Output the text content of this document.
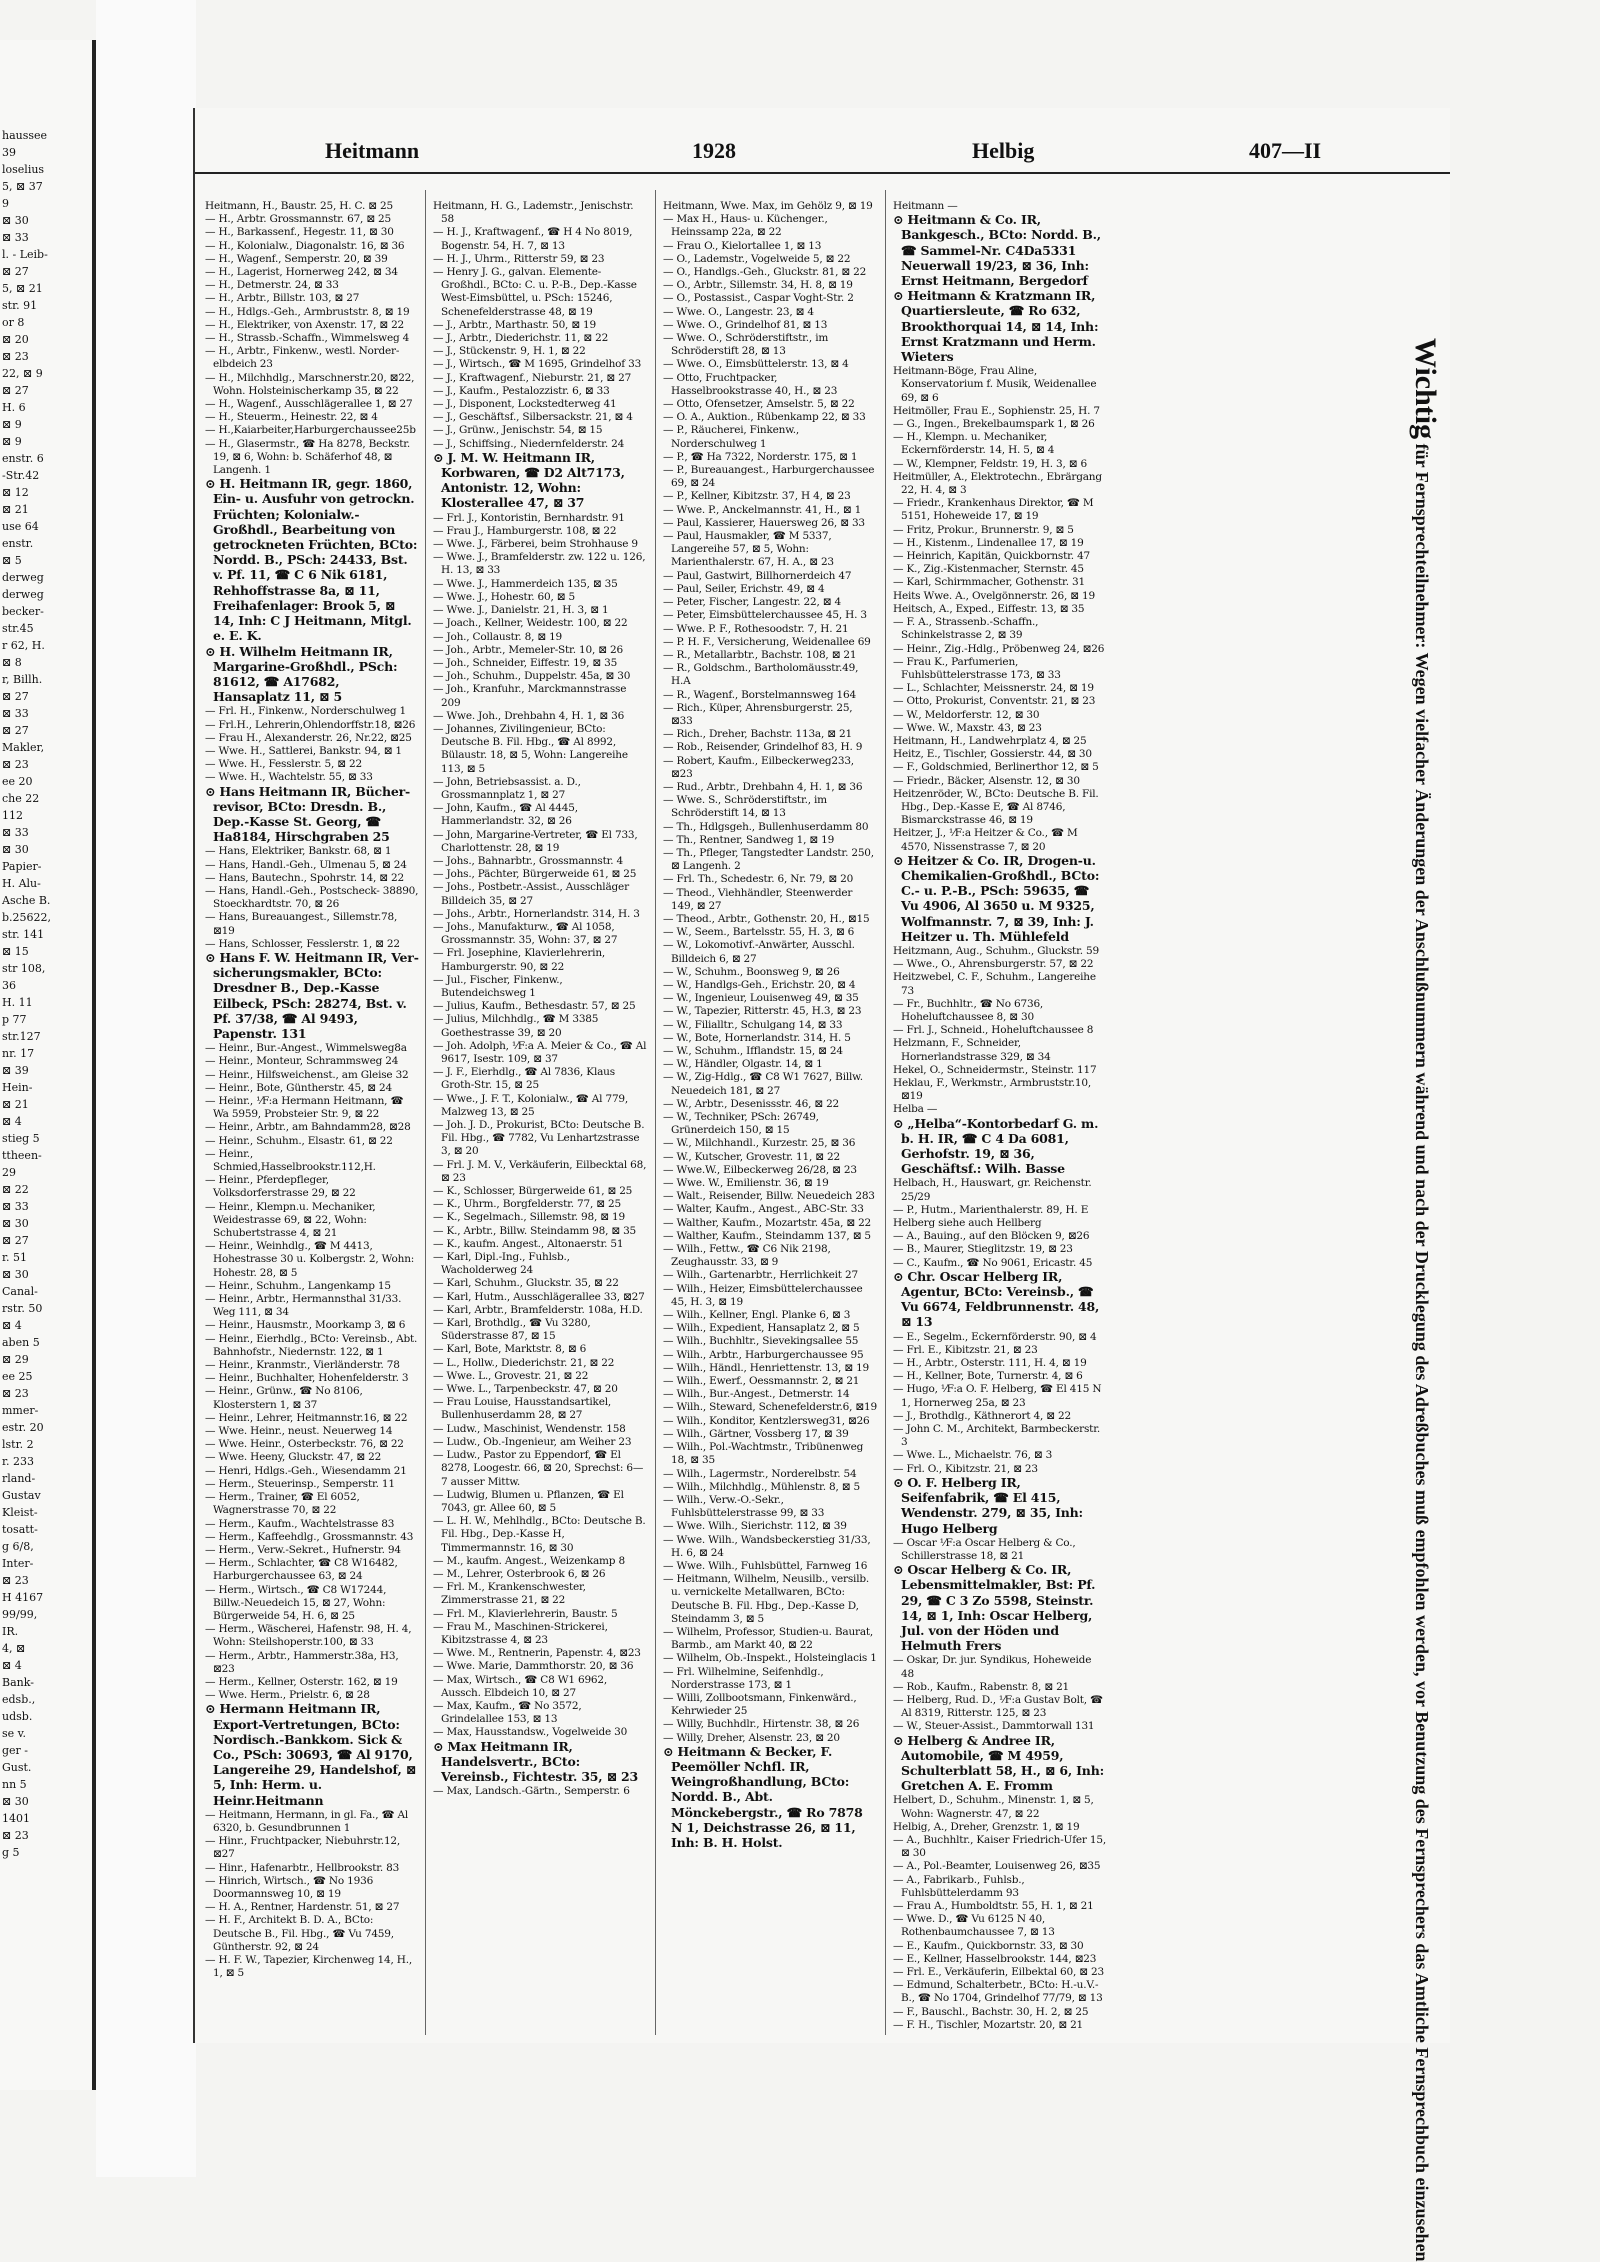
haussee
39
loselius
5, ⊠ 37
9
⊠ 30
⊠ 33
l. - Leib-
⊠ 27
5, ⊠ 21
str. 91
or 8
⊠ 20
⊠ 23
22, ⊠ 9
⊠ 27
H. 6
⊠ 9
⊠ 9
enstr. 6
-Str.42
⊠ 12
⊠ 21
use 64
enstr.
⊠ 5
derweg
derweg
becker-
str.45
r 62, H.
⊠ 8
r, Billh.
⊠ 27
⊠ 33
⊠ 27
Makler,
⊠ 23
ee 20
che 22
112
⊠ 33
⊠ 30
Papier-
H. Alu-
Asche B.
b.25622,
str. 141
⊠ 15
str 108,
36
H. 11
p 77
str.127
nr. 17
⊠ 39
Hein-
⊠ 21
⊠ 4
stieg 5
ttheen-
29
⊠ 22
⊠ 33
⊠ 30
⊠ 27
r. 51
⊠ 30
Canal-
rstr. 50
⊠ 4
aben 5
⊠ 29
ee 25
⊠ 23
mmer-
estr. 20
lstr. 2
r. 233
rland-
Gustav
Kleist-
tosatt-
g 6/8,
Inter-
⊠ 23
H 4167
99/99,
IR.
4, ⊠
⊠ 4
Bank-
edsb.,
udsb.
se v.
ger -
Gust.
nn 5
⊠ 30
1401
⊠ 23
g 5
Heitmann	1928	Helbig	407—II

Heitmann, H., Baustr. 25, H. C. ⊠ 25

— H., Arbtr. Grossmannstr. 67, ⊠ 25

— H., Barkassenf., Hegestr. 11, ⊠ 30

— H., Kolonialw., Diagonalstr. 16, ⊠ 36

— H., Wagenf., Semperstr. 20, ⊠ 39

— H., Lagerist, Hornerweg 242, ⊠ 34

— H., Detmerstr. 24, ⊠ 33

— H., Arbtr., Billstr. 103, ⊠ 27

— H., Hdlgs.-Geh., Armbruststr. 8, ⊠ 19

— H., Elektriker, von Axenstr. 17, ⊠ 22

— H., Strassb.-Schaffn., Wimmelsweg 4

— H., Arbtr., Finkenw., westl. Norder-elbdeich 23

— H., Milchhdlg., Marschnerstr.20, ⊠22, Wohn. Holsteinischerkamp 35, ⊠ 22

— H., Wagenf., Ausschlägerallee 1, ⊠ 27

— H., Steuerm., Heinestr. 22, ⊠ 4

— H.,Kaiarbeiter,Harburgerchaussee25b

— H., Glasermstr., ☎ Ha 8278, Beckstr. 19, ⊠ 6, Wohn: b. Schäferhof 48, ⊠ Langenh. 1

⊙ H. Heitmann IR, gegr. 1860, Ein- u. Ausfuhr von getrockn. Früchten; Kolonialw.-Großhdl., Bearbeitung von getrockneten Früchten, BCto: Nordd. B., PSch: 24433, Bst. v. Pf. 11, ☎ C 6 Nik 6181, Rehhoffstrasse 8a, ⊠ 11, Freihafenlager: Brook 5, ⊠ 14, Inh: C J Heitmann, Mitgl. e. E. K.

⊙ H. Wilhelm Heitmann IR, Margarine-Großhdl., PSch: 81612, ☎ A17682, Hansaplatz 11, ⊠ 5

— Frl. H., Finkenw., Norderschulweg 1

— Frl.H., Lehrerin,Ohlendorffstr.18, ⊠26

— Frau H., Alexanderstr. 26, Nr.22, ⊠25

— Wwe. H., Sattlerei, Bankstr. 94, ⊠ 1

— Wwe. H., Fesslerstr. 5, ⊠ 22

— Wwe. H., Wachtelstr. 55, ⊠ 33

⊙ Hans Heitmann IR, Bücher-revisor, BCto: Dresdn. B., Dep.-Kasse St. Georg, ☎ Ha8184, Hirschgraben 25

— Hans, Elektriker, Bankstr. 68, ⊠ 1

— Hans, Handl.-Geh., Ulmenau 5, ⊠ 24

— Hans, Bautechn., Spohrstr. 14, ⊠ 22

— Hans, Handl.-Geh., Postscheck- 38890, Stoeckhardtstr. 70, ⊠ 26

— Hans, Bureauangest., Sillemstr.78, ⊠19

— Hans, Schlosser, Fesslerstr. 1, ⊠ 22

⊙ Hans F. W. Heitmann IR, Ver-sicherungsmakler, BCto: Dresdner B., Dep.-Kasse Eilbeck, PSch: 28274, Bst. v. Pf. 37/38, ☎ Al 9493, Papenstr. 131

— Heinr., Bur.-Angest., Wimmelsweg8a

— Heinr., Monteur, Schrammsweg 24

— Heinr., Hilfsweichenst., am Gleise 32

— Heinr., Bote, Güntherstr. 45, ⊠ 24

— Heinr., ⅟F:a Hermann Heitmann, ☎ Wa 5959, Probsteier Str. 9, ⊠ 22

— Heinr., Arbtr., am Bahndamm28, ⊠28

— Heinr., Schuhm., Elsastr. 61, ⊠ 22

— Heinr., Schmied,Hasselbrookstr.112,H.

— Heinr., Pferdepfleger, Volksdorferstrasse 29, ⊠ 22

— Heinr., Klempn.u. Mechaniker, Weidestrasse 69, ⊠ 22, Wohn: Schubertstrasse 4, ⊠ 21

— Heinr., Weinhdlg., ☎ M 4413, Hohestrasse 30 u. Kolbergstr. 2, Wohn: Hohestr. 28, ⊠ 5

— Heinr., Schuhm., Langenkamp 15

— Heinr., Arbtr., Hermannsthal 31/33. Weg 111, ⊠ 34

— Heinr., Hausmstr., Moorkamp 3, ⊠ 6

— Heinr., Eierhdlg., BCto: Vereinsb., Abt. Bahnhofstr., Niedernstr. 122, ⊠ 1

— Heinr., Kranmstr., Vierländerstr. 78

— Heinr., Buchhalter, Hohenfelderstr. 3

— Heinr., Grünw., ☎ No 8106, Klosterstern 1, ⊠ 37

— Heinr., Lehrer, Heitmannstr.16, ⊠ 22

— Wwe. Heinr., neust. Neuerweg 14

— Wwe. Heinr., Osterbeckstr. 76, ⊠ 22

— Wwe. Heeny, Gluckstr. 47, ⊠ 22

— Henri, Hdlgs.-Geh., Wiesendamm 21

— Herm., Steuerinsp., Semperstr. 11

— Herm., Trainer, ☎ El 6052, Wagnerstrasse 70, ⊠ 22

— Herm., Kaufm., Wachtelstrasse 83

— Herm., Kaffeehdlg., Grossmannstr. 43

— Herm., Verw.-Sekret., Hufnerstr. 94

— Herm., Schlachter, ☎ C8 W16482, Harburgerchaussee 63, ⊠ 24

— Herm., Wirtsch., ☎ C8 W17244, Billw.-Neuedeich 15, ⊠ 27, Wohn: Bürgerweide 54, H. 6, ⊠ 25

— Herm., Wäscherei, Hafenstr. 98, H. 4, Wohn: Steilshoperstr.100, ⊠ 33

— Herm., Arbtr., Hammerstr.38a, H3, ⊠23

— Herm., Kellner, Osterstr. 162, ⊠ 19

— Wwe. Herm., Prielstr. 6, ⊠ 28

⊙ Hermann Heitmann IR, Export-Vertretungen, BCto: Nordisch.-Bankkom. Sick & Co., PSch: 30693, ☎ Al 9170, Langereihe 29, Handelshof, ⊠ 5, Inh: Herm. u. Heinr.Heitmann

— Heitmann, Hermann, in gl. Fa., ☎ Al 6320, b. Gesundbrunnen 1

— Hinr., Fruchtpacker, Niebuhrstr.12, ⊠27

— Hinr., Hafenarbtr., Hellbrookstr. 83

— Hinrich, Wirtsch., ☎ No 1936 Doormannsweg 10, ⊠ 19

— H. A., Rentner, Hardenstr. 51, ⊠ 27

— H. F., Architekt B. D. A., BCto: Deutsche B., Fil. Hbg., ☎ Vu 7459, Güntherstr. 92, ⊠ 24

— H. F. W., Tapezier, Kirchenweg 14, H., 1, ⊠ 5

Heitmann, H. G., Lademstr., Jenischstr. 58

— H. J., Kraftwagenf., ☎ H 4 No 8019, Bogenstr. 54, H. 7, ⊠ 13

— H. J., Uhrm., Ritterstr 59, ⊠ 23

— Henry J. G., galvan. Elemente-Großhdl., BCto: C. u. P.-B., Dep.-Kasse West-Eimsbüttel, u. PSch: 15246, Schenefelderstrasse 48, ⊠ 19

— J., Arbtr., Marthastr. 50, ⊠ 19

— J., Arbtr., Diederichstr. 11, ⊠ 22

— J., Stückenstr. 9, H. 1, ⊠ 22

— J., Wirtsch., ☎ M 1695, Grindelhof 33

— J., Kraftwagenf., Nieburstr. 21, ⊠ 27

— J., Kaufm., Pestalozzistr. 6, ⊠ 33

— J., Disponent, Lockstedterweg 41

— J., Geschäftsf., Silbersackstr. 21, ⊠ 4

— J., Grünw., Jenischstr. 54, ⊠ 15

— J., Schiffsing., Niedernfelderstr. 24

⊙ J. M. W. Heitmann IR, Korbwaren, ☎ D2 Alt7173, Antonistr. 12, Wohn: Klosterallee 47, ⊠ 37

— Frl. J., Kontoristin, Bernhardstr. 91

— Frau J., Hamburgerstr. 108, ⊠ 22

— Wwe. J., Färberei, beim Strohhause 9

— Wwe. J., Bramfelderstr. zw. 122 u. 126, H. 13, ⊠ 33

— Wwe. J., Hammerdeich 135, ⊠ 35

— Wwe. J., Hohestr. 60, ⊠ 5

— Wwe. J., Danielstr. 21, H. 3, ⊠ 1

— Joach., Kellner, Weidestr. 100, ⊠ 22

— Joh., Collaustr. 8, ⊠ 19

— Joh., Arbtr., Memeler-Str. 10, ⊠ 26

— Joh., Schneider, Eiffestr. 19, ⊠ 35

— Joh., Schuhm., Duppelstr. 45a, ⊠ 30

— Joh., Kranfuhr., Marckmannstrasse 209

— Wwe. Joh., Drehbahn 4, H. 1, ⊠ 36

— Johannes, Zivilingenieur, BCto: Deutsche B. Fil. Hbg., ☎ Al 8992, Bülaustr. 18, ⊠ 5, Wohn: Langereihe 113, ⊠ 5

— John, Betriebsassist. a. D., Grossmannplatz 1, ⊠ 27

— John, Kaufm., ☎ Al 4445, Hammerlandstr. 32, ⊠ 26

— John, Margarine-Vertreter, ☎ El 733, Charlottenstr. 28, ⊠ 19

— Johs., Bahnarbtr., Grossmannstr. 4

— Johs., Pächter, Bürgerweide 61, ⊠ 25

— Johs., Postbetr.-Assist., Ausschläger Billdeich 35, ⊠ 27

— Johs., Arbtr., Hornerlandstr. 314, H. 3

— Johs., Manufakturw., ☎ Al 1058, Grossmannstr. 35, Wohn: 37, ⊠ 27

— Frl. Josephine, Klavierlehrerin, Hamburgerstr. 90, ⊠ 22

— Jul., Fischer, Finkenw., Butendeichsweg 1

— Julius, Kaufm., Bethesdastr. 57, ⊠ 25

— Julius, Milchhdlg., ☎ M 3385 Goethestrasse 39, ⊠ 20

— Joh. Adolph, ⅟F:a A. Meier & Co., ☎ Al 9617, Isestr. 109, ⊠ 37

— J. F., Eierhdlg., ☎ Al 7836, Klaus Groth-Str. 15, ⊠ 25

— Wwe., J. F. T., Kolonialw., ☎ Al 779, Malzweg 13, ⊠ 25

— Joh. J. D., Prokurist, BCto: Deutsche B. Fil. Hbg., ☎ 7782, Vu Lenhartzstrasse 3, ⊠ 20

— Frl. J. M. V., Verkäuferin, Eilbecktal 68, ⊠ 23

— K., Schlosser, Bürgerweide 61, ⊠ 25

— K., Uhrm., Borgfelderstr. 77, ⊠ 25

— K., Segelmach., Sillemstr. 98, ⊠ 19

— K., Arbtr., Billw. Steindamm 98, ⊠ 35

— K., kaufm. Angest., Altonaerstr. 51

— Karl, Dipl.-Ing., Fuhlsb., Wacholderweg 24

— Karl, Schuhm., Gluckstr. 35, ⊠ 22

— Karl, Hutm., Ausschlägerallee 33, ⊠27

— Karl, Arbtr., Bramfelderstr. 108a, H.D.

— Karl, Brothdlg., ☎ Vu 3280, Süderstrasse 87, ⊠ 15

— Karl, Bote, Marktstr. 8, ⊠ 6

— L., Hollw., Diederichstr. 21, ⊠ 22

— Wwe. L., Grovestr. 21, ⊠ 22

— Wwe. L., Tarpenbeckstr. 47, ⊠ 20

— Frau Louise, Hausstandsartikel, Bullenhuserdamm 28, ⊠ 27

— Ludw., Maschinist, Wendenstr. 158

— Ludw., Ob.-Ingenieur, am Weiher 23

— Ludw., Pastor zu Eppendorf, ☎ El 8278, Loogestr. 66, ⊠ 20, Sprechst: 6—7 ausser Mittw.

— Ludwig, Blumen u. Pflanzen, ☎ El 7043, gr. Allee 60, ⊠ 5

— L. H. W., Mehlhdlg., BCto: Deutsche B. Fil. Hbg., Dep.-Kasse H, Timmermannstr. 16, ⊠ 30

— M., kaufm. Angest., Weizenkamp 8

— M., Lehrer, Osterbrook 6, ⊠ 26

— Frl. M., Krankenschwester, Zimmerstrasse 21, ⊠ 22

— Frl. M., Klavierlehrerin, Baustr. 5

— Frau M., Maschinen-Strickerei, Kibitzstrasse 4, ⊠ 23

— Wwe. M., Rentnerin, Papenstr. 4, ⊠23

— Wwe. Marie, Dammthorstr. 20, ⊠ 36

— Max, Wirtsch., ☎ C8 W1 6962, Aussch. Elbdeich 10, ⊠ 27

— Max, Kaufm., ☎ No 3572, Grindelallee 153, ⊠ 13

— Max, Hausstandsw., Vogelweide 30

⊙ Max Heitmann IR, Handelsvertr., BCto: Vereinsb., Fichtestr. 35, ⊠ 23

— Max, Landsch.-Gärtn., Semperstr. 6

Heitmann, Wwe. Max, im Gehölz 9, ⊠ 19

— Max H., Haus- u. Küchenger., Heinssamp 22a, ⊠ 22

— Frau O., Kielortallee 1, ⊠ 13

— O., Lademstr., Vogelweide 5, ⊠ 22

— O., Handlgs.-Geh., Gluckstr. 81, ⊠ 22

— O., Arbtr., Sillemstr. 34, H. 8, ⊠ 19

— O., Postassist., Caspar Voght-Str. 2

— Wwe. O., Langestr. 23, ⊠ 4

— Wwe. O., Grindelhof 81, ⊠ 13

— Wwe. O., Schröderstiftstr., im Schröderstift 28, ⊠ 13

— Wwe. O., Eimsbüttelerstr. 13, ⊠ 4

— Otto, Fruchtpacker, Hasselbrookstrasse 40, H., ⊠ 23

— Otto, Ofensetzer, Amselstr. 5, ⊠ 22

— O. A., Auktion., Rübenkamp 22, ⊠ 33

— P., Räucherei, Finkenw., Norderschulweg 1

— P., ☎ Ha 7322, Norderstr. 175, ⊠ 1

— P., Bureauangest., Harburgerchaussee 69, ⊠ 24

— P., Kellner, Kibitzstr. 37, H 4, ⊠ 23

— Wwe. P., Anckelmannstr. 41, H., ⊠ 1

— Paul, Kassierer, Hauersweg 26, ⊠ 33

— Paul, Hausmakler, ☎ M 5337, Langereihe 57, ⊠ 5, Wohn: Marienthalerstr. 67, H. A., ⊠ 23

— Paul, Gastwirt, Billhornerdeich 47

— Paul, Seiler, Erichstr. 49, ⊠ 4

— Peter, Fischer, Langestr. 22, ⊠ 4

— Peter, Eimsbüttelerchaussee 45, H. 3

— Wwe. P. F., Rothesoodstr. 7, H. 21

— P. H. F., Versicherung, Weidenallee 69

— R., Metallarbtr., Bachstr. 108, ⊠ 21

— R., Goldschm., Bartholomäusstr.49, H.A

— R., Wagenf., Borstelmannsweg 164

— Rich., Küper, Ahrensburgerstr. 25, ⊠33

— Rich., Dreher, Bachstr. 113a, ⊠ 21

— Rob., Reisender, Grindelhof 83, H. 9

— Robert, Kaufm., Eilbeckerweg233, ⊠23

— Rud., Arbtr., Drehbahn 4, H. 1, ⊠ 36

— Wwe. S., Schröderstiftstr., im Schröderstift 14, ⊠ 13

— Th., Hdlgsgeh., Bullenhuserdamm 80

— Th., Rentner, Sandweg 1, ⊠ 19

— Th., Pfleger, Tangstedter Landstr. 250, ⊠ Langenh. 2

— Frl. Th., Schedestr. 6, Nr. 79, ⊠ 20

— Theod., Viehhändler, Steenwerder 149, ⊠ 27

— Theod., Arbtr., Gothenstr. 20, H., ⊠15

— W., Seem., Bartelsstr. 55, H. 3, ⊠ 6

— W., Lokomotivf.-Anwärter, Ausschl. Billdeich 6, ⊠ 27

— W., Schuhm., Boonsweg 9, ⊠ 26

— W., Handlgs-Geh., Erichstr. 20, ⊠ 4

— W., Ingenieur, Louisenweg 49, ⊠ 35

— W., Tapezier, Ritterstr. 45, H.3, ⊠ 23

— W., Filialltr., Schulgang 14, ⊠ 33

— W., Bote, Hornerlandstr. 314, H. 5

— W., Schuhm., Ifflandstr. 15, ⊠ 24

— W., Händler, Olgastr. 14, ⊠ 1

— W., Zig-Hdlg., ☎ C8 W1 7627, Billw. Neuedeich 181, ⊠ 27

— W., Arbtr., Desenissstr. 46, ⊠ 22

— W., Techniker, PSch: 26749, Grünerdeich 150, ⊠ 15

— W., Milchhandl., Kurzestr. 25, ⊠ 36

— W., Kutscher, Grovestr. 11, ⊠ 22

— Wwe.W., Eilbeckerweg 26/28, ⊠ 23

— Wwe. W., Emilienstr. 36, ⊠ 19

— Walt., Reisender, Billw. Neuedeich 283

— Walter, Kaufm., Angest., ABC-Str. 33

— Walther, Kaufm., Mozartstr. 45a, ⊠ 22

— Walther, Kaufm., Steindamm 137, ⊠ 5

— Wilh., Fettw., ☎ C6 Nik 2198, Zeughausstr. 33, ⊠ 9

— Wilh., Gartenarbtr., Herrlichkeit 27

— Wilh., Heizer, Eimsbüttelerchaussee 45, H. 3, ⊠ 19

— Wilh., Kellner, Engl. Planke 6, ⊠ 3

— Wilh., Expedient, Hansaplatz 2, ⊠ 5

— Wilh., Buchhltr., Sievekingsallee 55

— Wilh., Arbtr., Harburgerchaussee 95

— Wilh., Händl., Henriettenstr. 13, ⊠ 19

— Wilh., Ewerf., Oessmannstr. 2, ⊠ 21

— Wilh., Bur.-Angest., Detmerstr. 14

— Wilh., Steward, Schenefelderstr.6, ⊠19

— Wilh., Konditor, Kentzlersweg31, ⊠26

— Wilh., Gärtner, Vossberg 17, ⊠ 39

— Wilh., Pol.-Wachtmstr., Tribünenweg 18, ⊠ 35

— Wilh., Lagermstr., Norderelbstr. 54

— Wilh., Milchhdlg., Mühlenstr. 8, ⊠ 5

— Wilh., Verw.-O.-Sekr., Fuhlsbüttelerstrasse 99, ⊠ 33

— Wwe. Wilh., Sierichstr. 112, ⊠ 39

— Wwe. Wilh., Wandsbeckerstieg 31/33, H. 6, ⊠ 24

— Wwe. Wilh., Fuhlsbüttel, Farnweg 16

— Heitmann, Wilhelm, Neusilb., versilb. u. vernickelte Metallwaren, BCto: Deutsche B. Fil. Hbg., Dep.-Kasse D, Steindamm 3, ⊠ 5

— Wilhelm, Professor, Studien-u. Baurat, Barmb., am Markt 40, ⊠ 22

— Wilhelm, Ob.-Inspekt., Holsteinglacis 1

— Frl. Wilhelmine, Seifenhdlg., Norderstrasse 173, ⊠ 1

— Willi, Zollbootsmann, Finkenwärd., Kehrwieder 25

— Willy, Buchhdlr., Hirtenstr. 38, ⊠ 26

— Willy, Dreher, Alsenstr. 23, ⊠ 20

⊙ Heitmann & Becker, F. Peemöller Nchfl. IR, Weingroßhandlung, BCto: Nordd. B., Abt. Mönckebergstr., ☎ Ro 7878 N 1, Deichstrasse 26, ⊠ 11, Inh: B. H. Holst.

Heitmann —

⊙ Heitmann & Co. IR, Bankgesch., BCto: Nordd. B., ☎ Sammel-Nr. C4Da5331 Neuerwall 19/23, ⊠ 36, Inh: Ernst Heitmann, Bergedorf

⊙ Heitmann & Kratzmann IR, Quartiersleute, ☎ Ro 632, Brookthorquai 14, ⊠ 14, Inh: Ernst Kratzmann und Herm. Wieters

Heitmann-Böge, Frau Aline, Konservatorium f. Musik, Weidenallee 69, ⊠ 6

Heitmöller, Frau E., Sophienstr. 25, H. 7

— G., Ingen., Brekelbaumspark 1, ⊠ 26

— H., Klempn. u. Mechaniker, Eckernförderstr. 14, H. 5, ⊠ 4

— W., Klempner, Feldstr. 19, H. 3, ⊠ 6

Heitmüller, A., Elektrotechn., Ebrärgang 22, H. 4, ⊠ 3

— Friedr., Krankenhaus Direktor, ☎ M 5151, Hoheweide 17, ⊠ 19

— Fritz, Prokur., Brunnerstr. 9, ⊠ 5

— H., Kistenm., Lindenallee 17, ⊠ 19

— Heinrich, Kapitän, Quickbornstr. 47

— K., Zig.-Kistenmacher, Sternstr. 45

— Karl, Schirmmacher, Gothenstr. 31

Heits Wwe. A., Ovelgönnerstr. 26, ⊠ 19

Heitsch, A., Exped., Eiffestr. 13, ⊠ 35

— F. A., Strassenb.-Schaffn., Schinkelstrasse 2, ⊠ 39

— Heinr., Zig.-Hdlg., Pröbenweg 24, ⊠26

— Frau K., Parfumerien, Fuhlsbüttelerstrasse 173, ⊠ 33

— L., Schlachter, Meissnerstr. 24, ⊠ 19

— Otto, Prokurist, Conventstr. 21, ⊠ 23

— W., Meldorferstr. 12, ⊠ 30

— Wwe. W., Maxstr. 43, ⊠ 23

Heitmann, H., Landwehrplatz 4, ⊠ 25

Heitz, E., Tischler, Gossierstr. 44, ⊠ 30

— F., Goldschmied, Berlinerthor 12, ⊠ 5

— Friedr., Bäcker, Alsenstr. 12, ⊠ 30

Heitzenröder, W., BCto: Deutsche B. Fil. Hbg., Dep.-Kasse E, ☎ Al 8746, Bismarckstrasse 46, ⊠ 19

Heitzer, J., ⅟F:a Heitzer & Co., ☎ M 4570, Nissenstrasse 7, ⊠ 20

⊙ Heitzer & Co. IR, Drogen-u. Chemikalien-Großhdl., BCto: C.- u. P.-B., PSch: 59635, ☎ Vu 4906, Al 3650 u. M 9325, Wolfmannstr. 7, ⊠ 39, Inh: J. Heitzer u. Th. Mühlefeld

Heitzmann, Aug., Schuhm., Gluckstr. 59

— Wwe., O., Ahrensburgerstr. 57, ⊠ 22

Heitzwebel, C. F., Schuhm., Langereihe 73

— Fr., Buchhltr., ☎ No 6736, Hoheluftchaussee 8, ⊠ 30

— Frl. J., Schneid., Hoheluftchaussee 8

Helzmann, F., Schneider, Hornerlandstrasse 329, ⊠ 34

Hekel, O., Schneidermstr., Steinstr. 117

Heklau, F., Werkmstr., Armbruststr.10, ⊠19

Helba —

⊙ „Helba“-Kontorbedarf G. m. b. H. IR, ☎ C 4 Da 6081, Gerhofstr. 19, ⊠ 36, Geschäftsf.: Wilh. Basse

Helbach, H., Hauswart, gr. Reichenstr. 25/29

— P., Hutm., Marienthalerstr. 89, H. E

Helberg siehe auch Hellberg

— A., Bauing., auf den Blöcken 9, ⊠26

— B., Maurer, Stieglitzstr. 19, ⊠ 23

— C., Kaufm., ☎ No 9061, Ericastr. 45

⊙ Chr. Oscar Helberg IR, Agentur, BCto: Vereinsb., ☎ Vu 6674, Feldbrunnenstr. 48, ⊠ 13

— E., Segelm., Eckernförderstr. 90, ⊠ 4

— Frl. E., Kibitzstr. 21, ⊠ 23

— H., Arbtr., Osterstr. 111, H. 4, ⊠ 19

— H., Kellner, Bote, Turnerstr. 4, ⊠ 6

— Hugo, ⅟F:a O. F. Helberg, ☎ El 415 N 1, Hornerweg 25a, ⊠ 23

— J., Brothdlg., Käthnerort 4, ⊠ 22

— John C. M., Architekt, Barmbeckerstr. 3

— Wwe. L., Michaelstr. 76, ⊠ 3

— Frl. O., Kibitzstr. 21, ⊠ 23

⊙ O. F. Helberg IR, Seifenfabrik, ☎ El 415, Wendenstr. 279, ⊠ 35, Inh: Hugo Helberg

— Oscar ⅟F:a Oscar Helberg & Co., Schillerstrasse 18, ⊠ 21

⊙ Oscar Helberg & Co. IR, Lebensmittelmakler, Bst: Pf. 29, ☎ C 3 Zo 5598, Steinstr. 14, ⊠ 1, Inh: Oscar Helberg, Jul. von der Höden und Helmuth Frers

— Oskar, Dr. jur. Syndikus, Hoheweide 48

— Rob., Kaufm., Rabenstr. 8, ⊠ 21

— Helberg, Rud. D., ⅟F:a Gustav Bolt, ☎ Al 8319, Ritterstr. 125, ⊠ 23

— W., Steuer-Assist., Dammtorwall 131

⊙ Helberg & Andree IR, Automobile, ☎ M 4959, Schulterblatt 58, H., ⊠ 6, Inh: Gretchen A. E. Fromm

Helbert, D., Schuhm., Minenstr. 1, ⊠ 5, Wohn: Wagnerstr. 47, ⊠ 22

Helbig, A., Dreher, Grenzstr. 1, ⊠ 19

— A., Buchhltr., Kaiser Friedrich-Ufer 15, ⊠ 30

— A., Pol.-Beamter, Louisenweg 26, ⊠35

— A., Fabrikarb., Fuhlsb., Fuhlsbüttelerdamm 93

— Frau A., Humboldtstr. 55, H. 1, ⊠ 21

— Wwe. D., ☎ Vu 6125 N 40, Rothenbaumchaussee 7, ⊠ 13

— E., Kaufm., Quickbornstr. 33, ⊠ 30

— E., Kellner, Hasselbrookstr. 144, ⊠23

— Frl. E., Verkäuferin, Eilbektal 60, ⊠ 23

— Edmund, Schalterbetr., BCto: H.-u.V.-B., ☎ No 1704, Grindelhof 77/79, ⊠ 13

— F., Bauschl., Bachstr. 30, H. 2, ⊠ 25

— F. H., Tischler, Mozartstr. 20, ⊠ 21

Wichtig für Fernsprechteilnehmer: Wegen vielfacher Änderungen der Anschlußnummern während und nach der Drucklegung des Adreßbuches muß empfohlen werden, vor Benutzung des Fernsprechers das Amtliche Fernsprechbuch einzusehen
